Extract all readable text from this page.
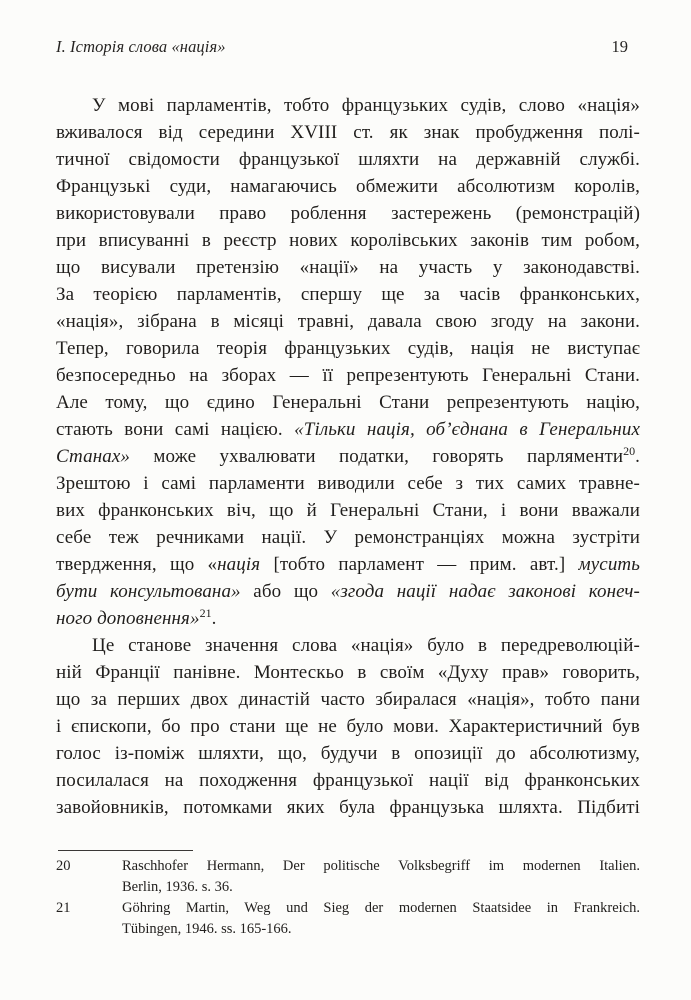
І. Історія слова «нація»	19
У мові парламентів, тобто французьких судів, слово «нація»
вживалося від середини XVIII ст. як знак пробудження полі-
тичної свідомости французької шляхти на державній службі.
Французькі суди, намагаючись обмежити абсолютизм королів,
використовували право роблення застережень (ремонстрацій)
при вписуванні в реєстр нових королівських законів тим робом,
що висували претензію «нації» на участь у законодавстві.
За теорією парламентів, спершу ще за часів франконських,
«нація», зібрана в місяці травні, давала свою згоду на закони.
Тепер, говорила теорія французьких судів, нація не виступає
безпосередньо на зборах — її репрезентують Генеральні Стани.
Але тому, що єдино Генеральні Стани репрезентують націю,
стають вони самі нацією. «Тільки нація, об’єднана в Генеральних
Станах» може ухвалювати податки, говорять парляменти$^{20}$.
Зрештою і самі парламенти виводили себе з тих самих травне-
вих франконських віч, що й Генеральні Стани, і вони вважали
себе теж речниками нації. У ремонстранціях можна зустріти
твердження, що «нація [тобто парламент — прим. авт.] мусить
бути консультована» або що «згода нації надає законові конеч-
ного доповнення»$^{21}$.
Це станове значення слова «нація» було в передреволюцій-
ній Франції панівне. Монтескьо в своїм «Духу прав» говорить,
що за перших двох династій часто збиралася «нація», тобто пани
і єпископи, бо про стани ще не було мови. Характеристичний був
голос із-поміж шляхти, що, будучи в опозиції до абсолютизму,
посилалася на походження французької нації від франконських
завойовників, потомками яких була французька шляхта. Підбиті
20	Raschhofer Hermann, Der politische Volksbegriff im modernen Italien.
Berlin, 1936. s. 36.
21	Göhring Martin, Weg und Sieg der modernen Staatsidee in Frankreich.
Tübingen, 1946. ss. 165-166.
